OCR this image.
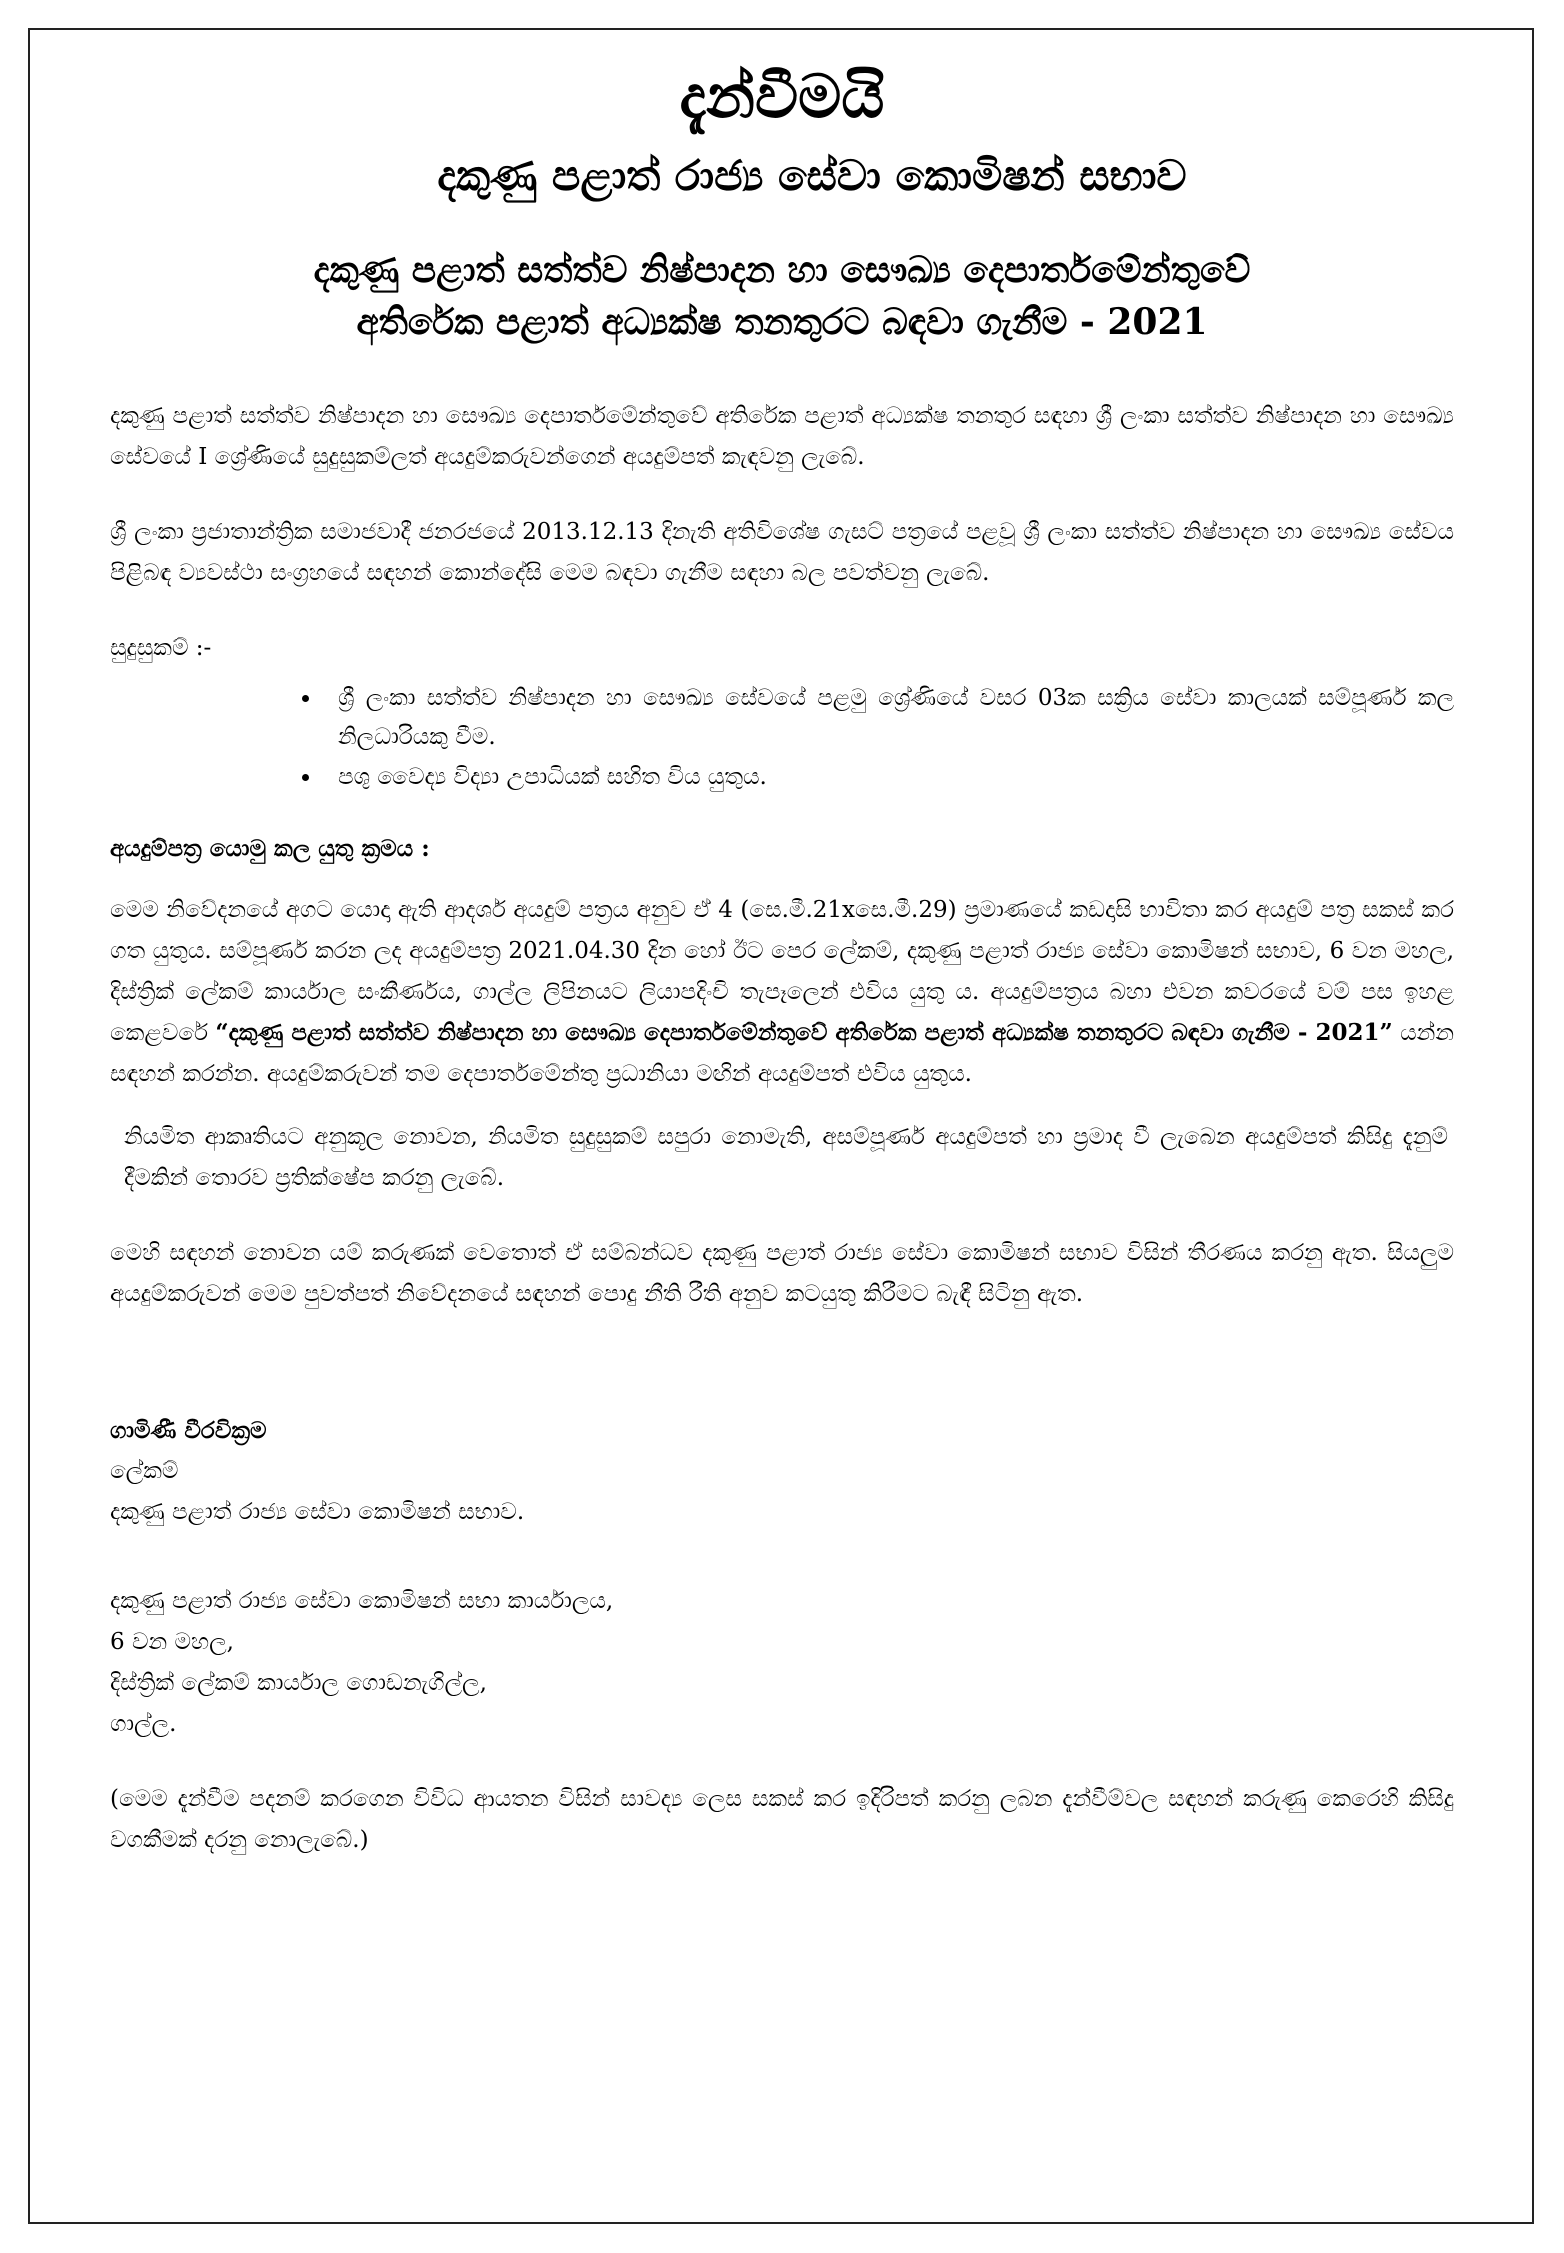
දැන්වීමයි
දකුණු පළාත් රාජ්‍ය සේවා කොමිෂන් සභාව
දකුණු පළාත් සත්ත්ව නිෂ්පාදන හා සෞඛ්‍ය දෙපාර්තමේන්තුවේ
අතිරේක පළාත් අධ්‍යක්ෂ තනතුරට බඳවා ගැනීම - 2021

දකුණු පළාත් සත්ත්ව නිෂ්පාදන හා සෞඛ්‍ය දෙපාර්තමේන්තුවේ අතිරේක පළාත් අධ්‍යක්ෂ තනතුර සඳහා ශ්‍රී ලංකා සත්ත්ව නිෂ්පාදන හා සෞඛ්‍ය සේවයේ I ශ්‍රේණියේ සුදුසුකම්ලත් අයදුම්කරුවන්ගෙන් අයදුම්පත් කැඳවනු ලැබේ.

ශ්‍රී ලංකා ප්‍රජාතාන්ත්‍රික සමාජවාදී ජනරජයේ 2013.12.13 දිනැති අතිවිශේෂ ගැසට් පත්‍රයේ පළවූ ශ්‍රී ලංකා සත්ත්ව නිෂ්පාදන හා සෞඛ්‍ය සේවය පිළිබඳ ව්‍යවස්ථා සංග්‍රහයේ සඳහන් කොන්දේසි මෙම බඳවා ගැනීම සඳහා බල පවත්වනු ලැබේ.

සුදුසුකම් :-

• ශ්‍රී ලංකා සත්ත්ව නිෂ්පාදන හා සෞඛ්‍ය සේවයේ පළමු ශ්‍රේණියේ වසර 03ක සක්‍රිය සේවා කාලයක් සම්පූර්ණ කල නිලධාරියකු වීම.
• පශු වෛද්‍ය විද්‍යා උපාධියක් සහිත විය යුතුය.

අයදුම්පත්‍ර යොමු කල යුතු ක්‍රමය :

මෙම නිවේදනයේ අගට යොදා ඇති ආදර්ශ අයදුම් පත්‍රය අනුව ඒ 4 (සෙ.මී.21xසෙ.මී.29) ප්‍රමාණයේ කඩදාසි භාවිතා කර අයදුම් පත්‍ර සකස් කර ගත යුතුය. සම්පූර්ණ කරන ලද අයදුම්පත්‍ර 2021.04.30 දින හෝ ඊට පෙර ලේකම්, දකුණු පළාත් රාජ්‍ය සේවා කොමිෂන් සභාව, 6 වන මහල, දිස්ත්‍රික් ලේකම් කාර්යාල සංකීර්ණය, ගාල්ල ලිපිනයට ලියාපදිංචි තැපෑලෙන් එවිය යුතු ය. අයදුම්පත්‍රය බහා එවන කවරයේ වම් පස ඉහළ කෙළවරේ “දකුණු පළාත් සත්ත්ව නිෂ්පාදන හා සෞඛ්‍ය දෙපාර්තමේන්තුවේ අතිරේක පළාත් අධ්‍යක්ෂ තනතුරට බඳවා ගැනීම - 2021” යන්න සඳහන් කරන්න. අයදුම්කරුවන් තම දෙපාර්තමේන්තු ප්‍රධානියා මඟින් අයදුම්පත් එවිය යුතුය.

නියමිත ආකෘතියට අනුකූල නොවන, නියමිත සුදුසුකම් සපුරා නොමැති, අසම්පූර්ණ අයදුම්පත් හා ප්‍රමාද වී ලැබෙන අයදුම්පත් කිසිදු දැනුම් දීමකින් තොරව ප්‍රතික්ෂේප කරනු ලැබේ.

මෙහි සඳහන් නොවන යම් කරුණක් වෙතොත් ඒ සම්බන්ධව දකුණු පළාත් රාජ්‍ය සේවා කොමිෂන් සභාව විසින් තීරණය කරනු ඇත. සියලුම අයදුම්කරුවන් මෙම පුවත්පත් නිවේදනයේ සඳහන් පොදු නීති රීති අනුව කටයුතු කිරීමට බැඳී සිටිනු ඇත.

ගාමිණී වීරවික්‍රම

ලේකම්

දකුණු පළාත් රාජ්‍ය සේවා කොමිෂන් සභාව.

දකුණු පළාත් රාජ්‍ය සේවා කොමිෂන් සභා කාර්යාලය,

6 වන මහල,

දිස්ත්‍රික් ලේකම් කාර්යාල ගොඩනැගිල්ල,

ගාල්ල.

(මෙම දැන්වීම පදනම් කරගෙන විවිධ ආයතන විසින් සාවද්‍ය ලෙස සකස් කර ඉදිරිපත් කරනු ලබන දැන්වීම්වල සඳහන් කරුණු කෙරෙහි කිසිදු වගකීමක් දරනු නොලැබේ.)
